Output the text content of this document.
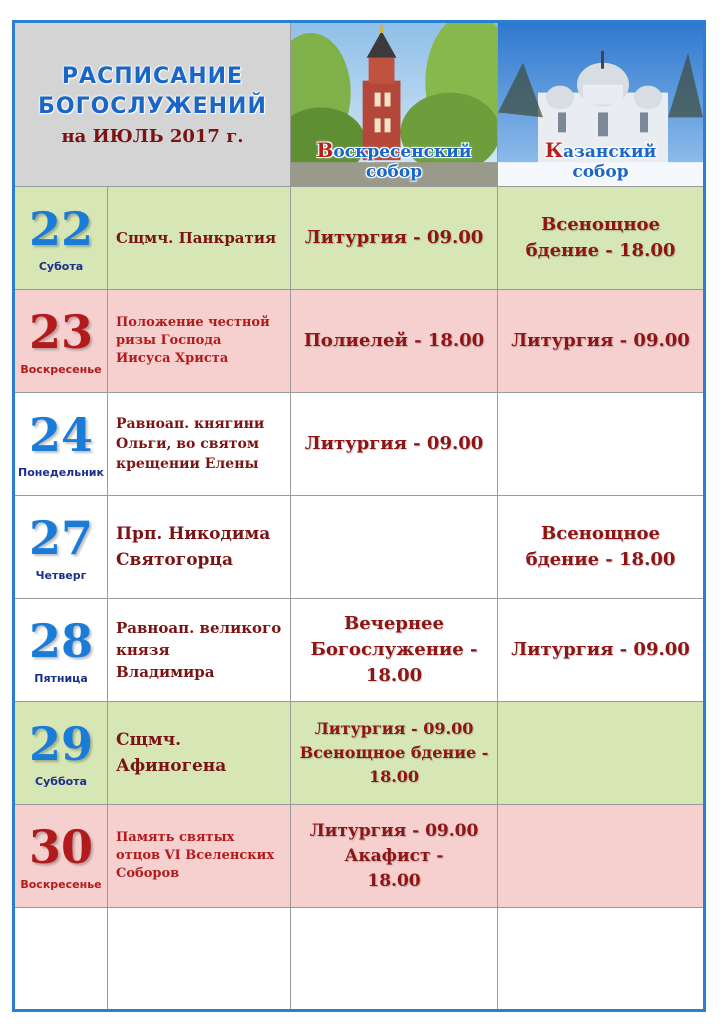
РАСПИСАНИЕ
БОГОСЛУЖЕНИЙ
на ИЮЛЬ 2017 г.
Воскресенский
собор
Казанский
собор
22
Субота
Сщмч. Панкратия Литургия - 09.00
Всенощное
бдение - 18.00
23
Воскресенье
Положение честной
ризы Господа
Иисуса Христа
Полиелей - 18.00 Литургия - 09.00
24
Понедельник
Равноап. княгини
Ольги, во святом
крещении Елены
Литургия - 09.00
27
Четверг
Прп. Никодима
Святогорца
Всенощное
бдение - 18.00
28
Пятница
Равноап. великого
князя
Владимира
Вечернее
Богослужение -
18.00
Литургия - 09.00
29
Суббота
Сщмч.
Афиногена
Литургия - 09.00
Всенощное бдение -
18.00
30
Воскресенье
Память святых
отцов VI Вселенских
Соборов
Литургия - 09.00
Акафист -
18.00
